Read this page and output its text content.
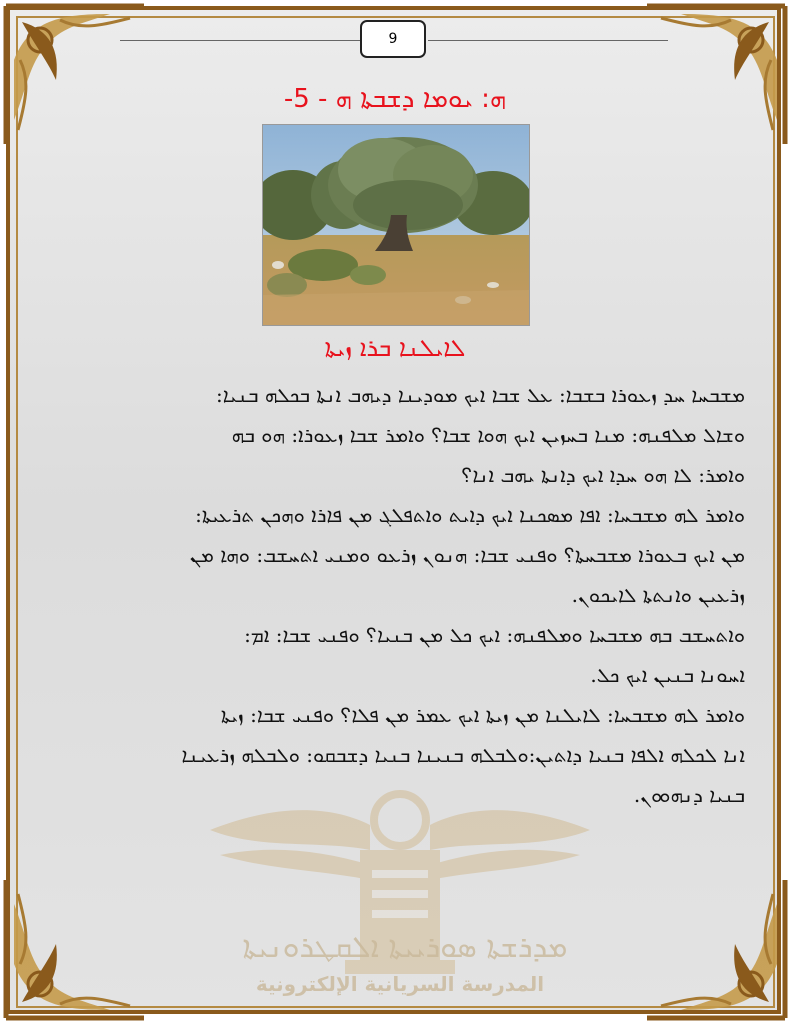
9
ܗ: ܝܘܡܐ ܕܫܒܬܐ ܗ - 5-
ܠܐܝܠܢܐ ܒܪܐ ܙܝܬܐ
ܡܕܪܫܬܐ ܣܘܪܝܝܬܐ ܐܠܩܛܪܘܢܝܬܐ
المدرسة السريانية الإلكترونية
ܡܫܒܚܐ ܚܕ ܙܥܘܪܐ ܒܫܒܐ: ܥܠ ܫܒܐ ܐܝܟ ܡܘܕܝܢܐ ܕܝܗܒ ܐܢܬܐ ܒܟܠܗ ܒܢܝܐ:
ܘܫܐܠ ܡܠܦܢܗ: ܡܢܐ ܒܚܙܝܢ ܐܝܟ ܗܘܐ ܫܒܐ؟ ܘܐܡܪ ܫܒܐ ܙܥܘܪܐ: ܗܘ ܒܗ
ܘܐܡܪ: ܠܐ ܗܘ ܚܕܐ ܐܝܟ ܕܐܢܬܐ ܝܗܒ ܐܢܐ؟
ܘܐܡܪ ܠܗ ܡܫܒܚܐ: ܐܦܐ ܡܣܟܢܐ ܐܝܟ ܕܐܝܬ ܘܐܬܦܠܓ ܡܢ ܦܐܪܐ ܘܗܟܢ ܬܪܥܝܬܐ:
ܡܢ ܐܝܟ ܒܥܘܪܐ ܡܫܒܚܬܐ؟ ܘܦܢܝ ܫܒܐ: ܗܢܘܢ ܙܪܥܘ ܘܡܢܝ ܐܬܚܫܒ: ܘܗܐ ܡܢ
ܙܪܥܝܢ ܘܐܢܬܬܐ ܠܐܝܟܘܢ.
ܘܐܬܚܫܒ ܒܗ ܡܫܒܚܐ ܘܡܠܦܢܗ: ܐܝܟ ܟܠ ܡܢ ܒܢܝܐ؟ ܘܦܢܝ ܫܒܐ: ܐܡ:
ܐܚܘܢܐ ܒܢܝܢ ܐܝܟ ܟܠ.
ܘܐܡܪ ܠܗ ܡܫܒܚܐ: ܠܐܝܠܢܐ ܡܢ ܙܝܬܐ ܐܝܟ ܥܡܪ ܡܢ ܦܠܐ؟ ܘܦܢܝ ܫܒܐ: ܙܝܬܐ
ܐܢܐ ܠܟܠܗ ܐܠܦܐ ܒܢܝܐ ܕܐܬܝܢ:ܘܠܒܠܗ ܒܢܝܢܐ ܒܢܝܐ ܕܫܒܩܘ: ܘܠܒܠܗ ܙܪܥܝܢܐ
ܒܢܝܐ ܕܢܗܘܘܢ.
